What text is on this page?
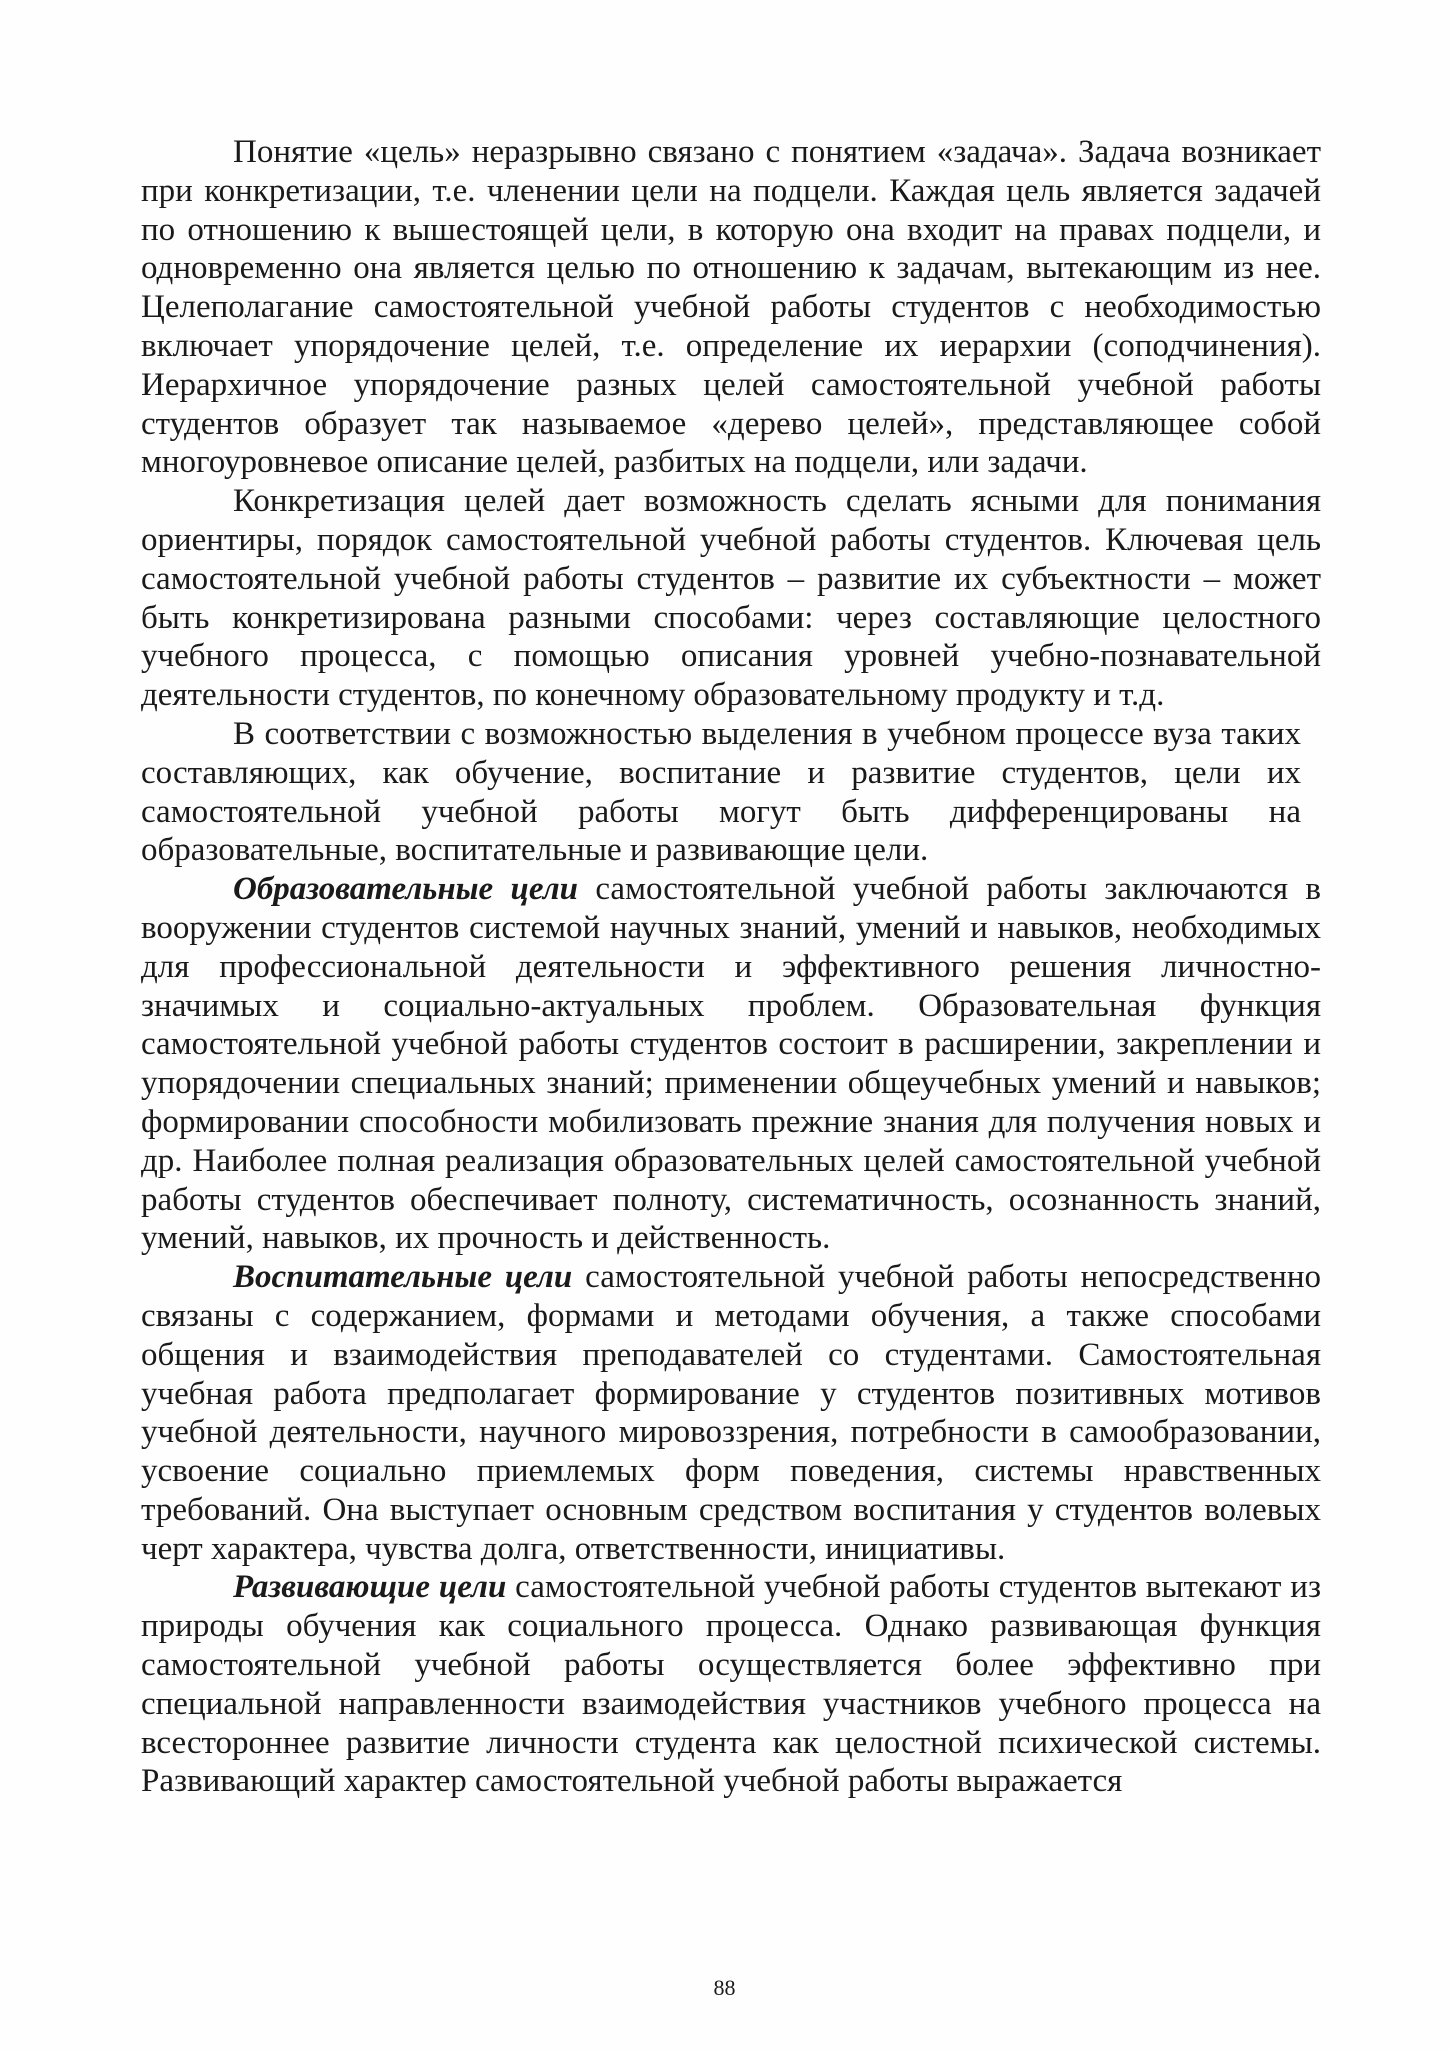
Понятие «цель» неразрывно связано с понятием «задача». Задача возникает при конкретизации, т.е. членении цели на подцели. Каждая цель является задачей по отношению к вышестоящей цели, в которую она входит на правах подцели, и одновременно она является целью по отношению к задачам, вытекающим из нее. Целеполагание самостоятельной учебной работы студентов с необходимостью включает упорядочение целей, т.е. определение их иерархии (соподчинения). Иерархичное упорядочение разных целей самостоятельной учебной работы студентов образует так называемое «дерево целей», представляющее собой многоуровневое описание целей, разбитых на подцели, или задачи.

Конкретизация целей дает возможность сделать ясными для понимания ориентиры, порядок самостоятельной учебной работы студентов. Ключевая цель самостоятельной учебной работы студентов – развитие их субъектности – может быть конкретизирована разными способами: через составляющие целостного учебного процесса, с помощью описания уровней учебно-познавательной деятельности студентов, по конечному образовательному продукту и т.д.

В соответствии с возможностью выделения в учебном процессе вуза таких составляющих, как обучение, воспитание и развитие студентов, цели их самостоятельной учебной работы могут быть дифференцированы на образовательные, воспитательные и развивающие цели.

Образовательные цели самостоятельной учебной работы заключаются в вооружении студентов системой научных знаний, умений и навыков, необходимых для профессиональной деятельности и эффективного решения личностно-значимых и социально-актуальных проблем. Образовательная функция самостоятельной учебной работы студентов состоит в расширении, закреплении и упорядочении специальных знаний; применении общеучебных умений и навыков; формировании способности мобилизовать прежние знания для получения новых и др. Наиболее полная реализация образовательных целей самостоятельной учебной работы студентов обеспечивает полноту, систематичность, осознанность знаний, умений, навыков, их прочность и действенность.

Воспитательные цели самостоятельной учебной работы непосредственно связаны с содержанием, формами и методами обучения, а также способами общения и взаимодействия преподавателей со студентами. Самостоятельная учебная работа предполагает формирование у студентов позитивных мотивов учебной деятельности, научного мировоззрения, потребности в самообразовании, усвоение социально приемлемых форм поведения, системы нравственных требований. Она выступает основным средством воспитания у студентов волевых черт характера, чувства долга, ответственности, инициативы.

Развивающие цели самостоятельной учебной работы студентов вытекают из природы обучения как социального процесса. Однако развивающая функция самостоятельной учебной работы осуществляется более эффективно при специальной направленности взаимодействия участников учебного процесса на всестороннее развитие личности студента как целостной психической системы. Развивающий характер самостоятельной учебной работы выражается

88
